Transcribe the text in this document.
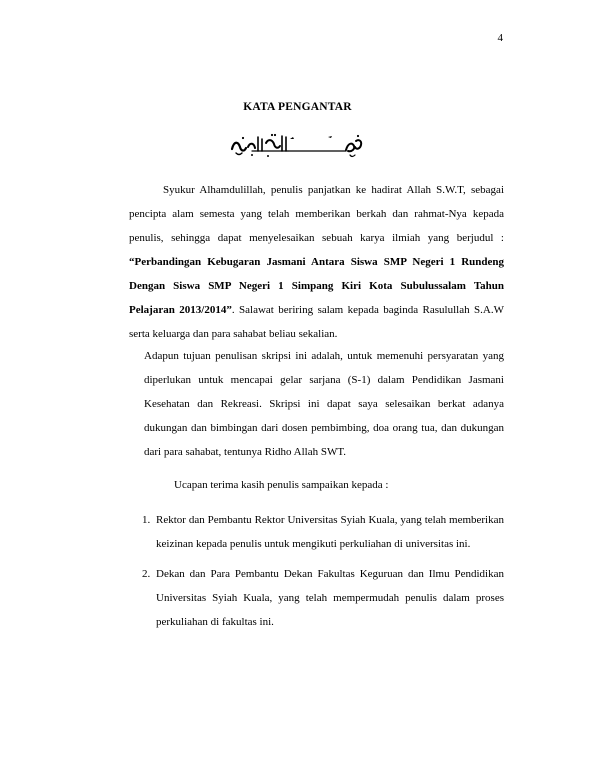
4
KATA PENGANTAR
Syukur Alhamdulillah, penulis panjatkan ke hadirat Allah S.W.T, sebagai pencipta alam semesta yang telah memberikan berkah dan rahmat-Nya kepada penulis, sehingga dapat menyelesaikan sebuah karya ilmiah yang berjudul : “Perbandingan Kebugaran Jasmani Antara Siswa SMP Negeri 1 Rundeng Dengan Siswa SMP Negeri 1 Simpang Kiri Kota Subulussalam Tahun Pelajaran 2013/2014”. Salawat beriring salam kepada baginda Rasulullah S.A.W serta keluarga dan para sahabat beliau sekalian.
Adapun tujuan penulisan skripsi ini adalah, untuk memenuhi persyaratan yang diperlukan untuk mencapai gelar sarjana (S-1) dalam Pendidikan Jasmani Kesehatan dan Rekreasi. Skripsi ini dapat saya selesaikan berkat adanya dukungan dan bimbingan dari dosen pembimbing, doa orang tua, dan dukungan dari para sahabat, tentunya Ridho Allah SWT.
Ucapan terima kasih penulis sampaikan kepada :
1. Rektor dan Pembantu Rektor Universitas Syiah Kuala, yang telah memberikan keizinan kepada penulis untuk mengikuti perkuliahan di universitas ini.
2. Dekan dan Para Pembantu Dekan Fakultas Keguruan dan Ilmu Pendidikan Universitas Syiah Kuala, yang telah mempermudah penulis dalam proses perkuliahan di fakultas ini.
